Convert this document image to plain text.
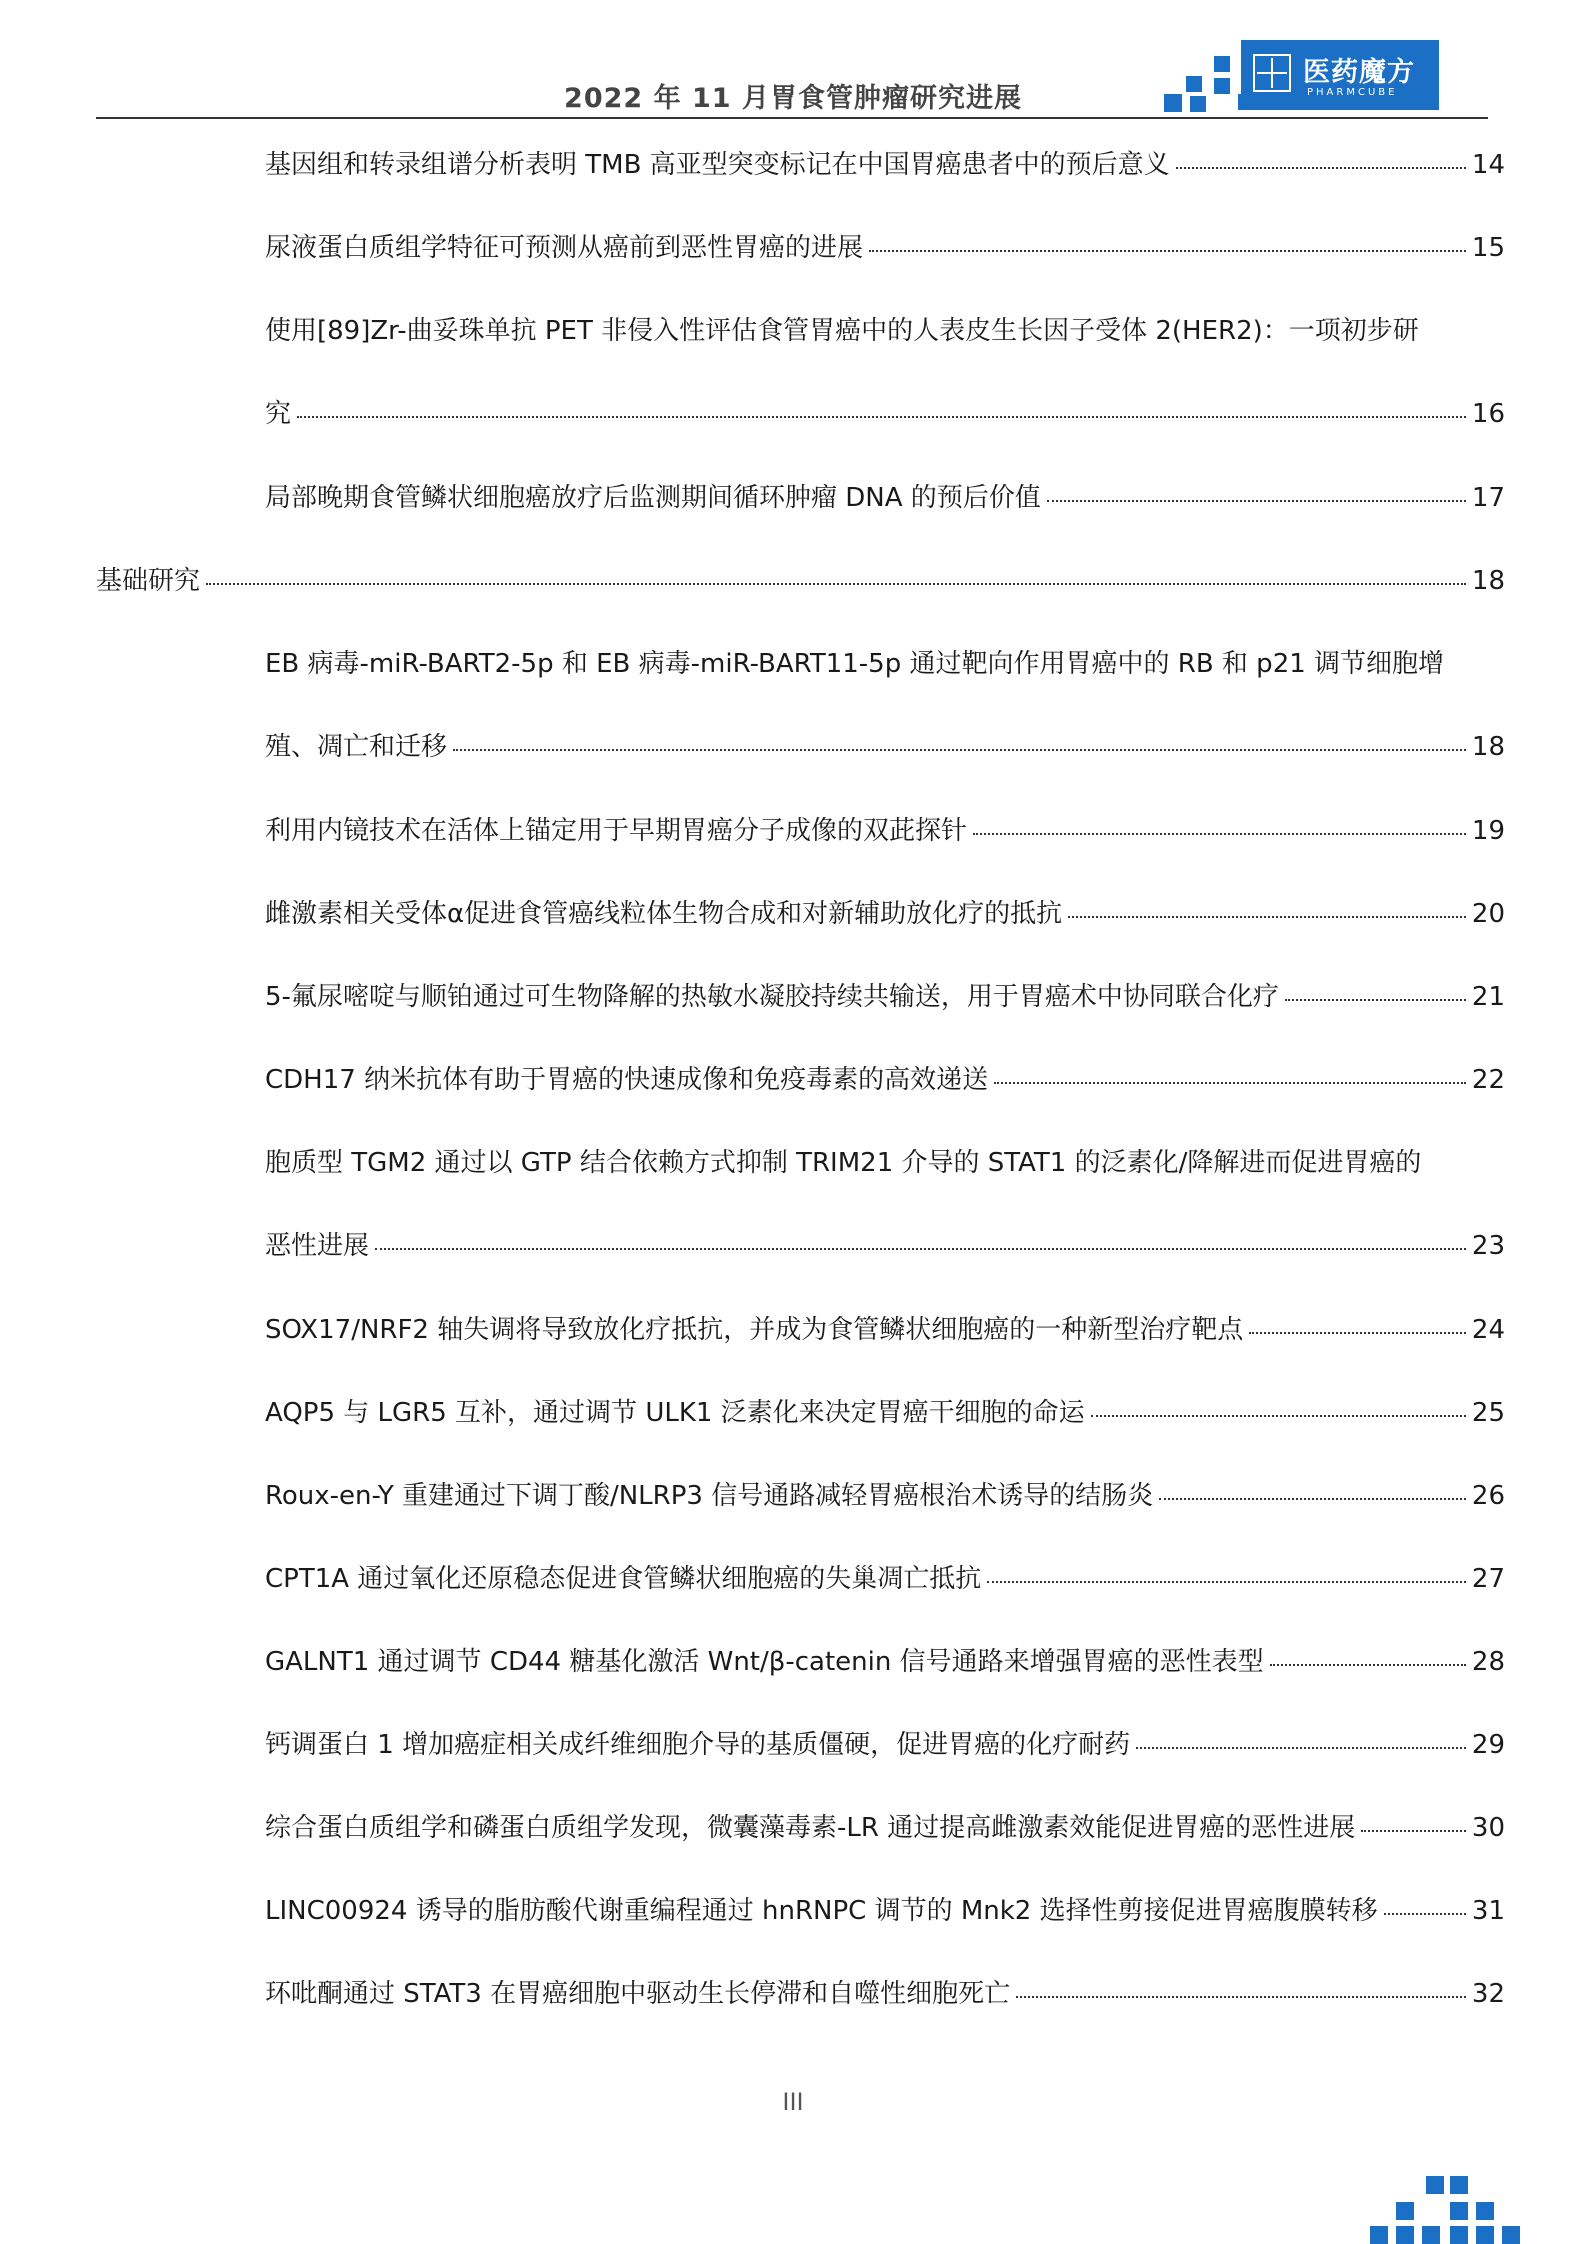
2022 年 11 月胃食管肿瘤研究进展
医药魔方
PHARMCUBE
基因组和转录组谱分析表明 TMB 高亚型突变标记在中国胃癌患者中的预后意义	14
尿液蛋白质组学特征可预测从癌前到恶性胃癌的进展	15
使用[89]Zr-曲妥珠单抗 PET 非侵入性评估食管胃癌中的人表皮生长因子受体 2(HER2)：一项初步研
究	16
局部晚期食管鳞状细胞癌放疗后监测期间循环肿瘤 DNA 的预后价值	17
基础研究	18
EB 病毒-miR-BART2-5p 和 EB 病毒-miR-BART11-5p 通过靶向作用胃癌中的 RB 和 p21 调节细胞增
殖、凋亡和迁移	18
利用内镜技术在活体上锚定用于早期胃癌分子成像的双茈探针	19
雌激素相关受体α促进食管癌线粒体生物合成和对新辅助放化疗的抵抗	20
5-氟尿嘧啶与顺铂通过可生物降解的热敏水凝胶持续共输送，用于胃癌术中协同联合化疗	21
CDH17 纳米抗体有助于胃癌的快速成像和免疫毒素的高效递送	22
胞质型 TGM2 通过以 GTP 结合依赖方式抑制 TRIM21 介导的 STAT1 的泛素化/降解进而促进胃癌的
恶性进展	23
SOX17/NRF2 轴失调将导致放化疗抵抗，并成为食管鳞状细胞癌的一种新型治疗靶点	24
AQP5 与 LGR5 互补，通过调节 ULK1 泛素化来决定胃癌干细胞的命运	25
Roux-en-Y 重建通过下调丁酸/NLRP3 信号通路减轻胃癌根治术诱导的结肠炎	26
CPT1A 通过氧化还原稳态促进食管鳞状细胞癌的失巢凋亡抵抗	27
GALNT1 通过调节 CD44 糖基化激活 Wnt/β-catenin 信号通路来增强胃癌的恶性表型	28
钙调蛋白 1 增加癌症相关成纤维细胞介导的基质僵硬，促进胃癌的化疗耐药	29
综合蛋白质组学和磷蛋白质组学发现，微囊藻毒素-LR 通过提高雌激素效能促进胃癌的恶性进展	30
LINC00924 诱导的脂肪酸代谢重编程通过 hnRNPC 调节的 Mnk2 选择性剪接促进胃癌腹膜转移	31
环吡酮通过 STAT3 在胃癌细胞中驱动生长停滞和自噬性细胞死亡	32
III
